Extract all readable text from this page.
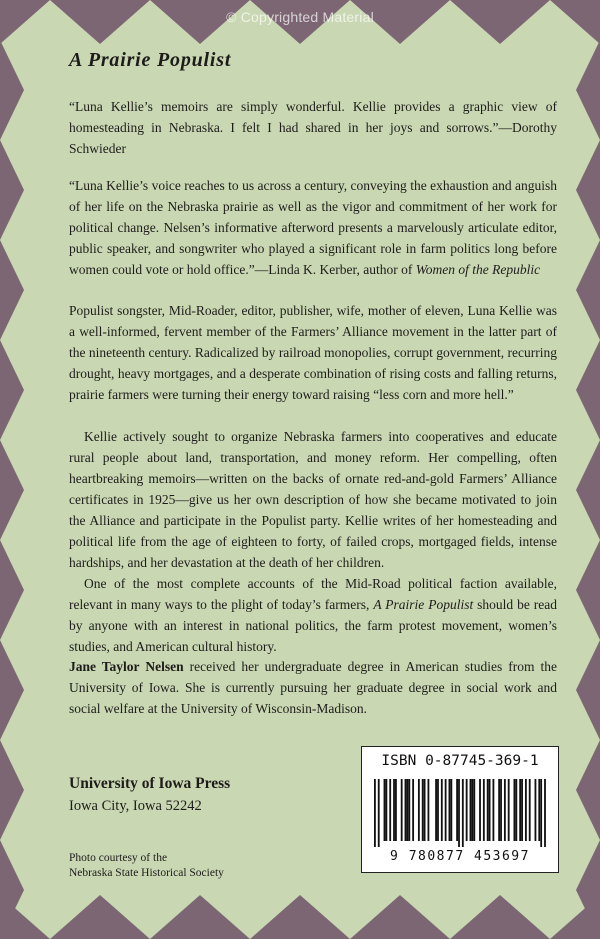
© Copyrighted Material
A Prairie Populist

“Luna Kellie’s memoirs are simply wonderful. Kellie provides a graphic view of homesteading in Nebraska. I felt I had shared in her joys and sorrows.”—Dorothy Schwieder

“Luna Kellie’s voice reaches to us across a century, conveying the exhaustion and anguish of her life on the Nebraska prairie as well as the vigor and commitment of her work for political change. Nelsen’s informative afterword presents a marvelously articulate editor, public speaker, and songwriter who played a significant role in farm politics long before women could vote or hold office.”—Linda K. Kerber, author of Women of the Republic

Populist songster, Mid-Roader, editor, publisher, wife, mother of eleven, Luna Kellie was a well-informed, fervent member of the Farmers’ Alliance movement in the latter part of the nineteenth century. Radicalized by railroad monopolies, corrupt government, recurring drought, heavy mortgages, and a desperate combination of rising costs and falling returns, prairie farmers were turning their energy toward raising “less corn and more hell.”

Kellie actively sought to organize Nebraska farmers into cooperatives and educate rural people about land, transportation, and money reform. Her compelling, often heartbreaking memoirs—written on the backs of ornate red-and-gold Farmers’ Alliance certificates in 1925—give us her own description of how she became motivated to join the Alliance and participate in the Populist party. Kellie writes of her homesteading and political life from the age of eighteen to forty, of failed crops, mortgaged fields, intense hardships, and her devastation at the death of her children.

One of the most complete accounts of the Mid-Road political faction available, relevant in many ways to the plight of today’s farmers, A Prairie Populist should be read by anyone with an interest in national politics, the farm protest movement, women’s studies, and American cultural history.

Jane Taylor Nelsen received her undergraduate degree in American studies from the University of Iowa. She is currently pursuing her graduate degree in social work and social welfare at the University of Wisconsin-Madison.

University of Iowa Press

Iowa City, Iowa 52242

Photo courtesy of the
Nebraska State Historical Society

ISBN 0-87745-369-1
9 780877 453697
